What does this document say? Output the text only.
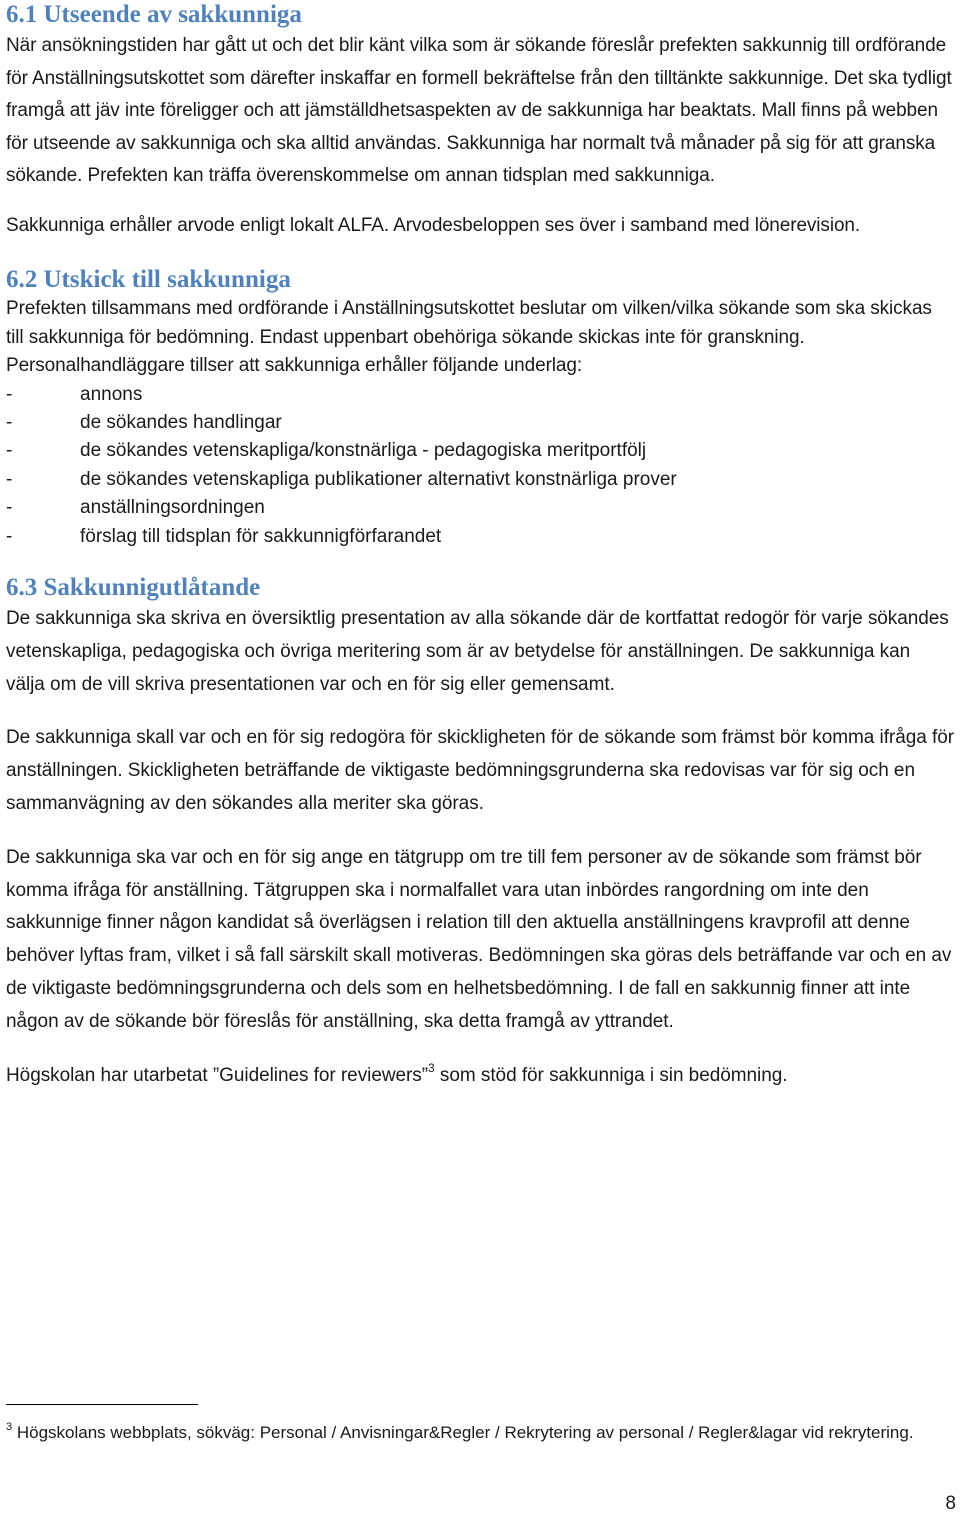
6.1 Utseende av sakkunniga

När ansökningstiden har gått ut och det blir känt vilka som är sökande föreslår prefekten sakkunnig till ordförande för Anställningsutskottet som därefter inskaffar en formell bekräftelse från den tilltänkte sakkunnige. Det ska tydligt framgå att jäv inte föreligger och att jämställdhetsaspekten av de sakkunniga har beaktats. Mall finns på webben för utseende av sakkunniga och ska alltid användas. Sakkunniga har normalt två månader på sig för att granska sökande. Prefekten kan träffa överenskommelse om annan tidsplan med sakkunniga.

Sakkunniga erhåller arvode enligt lokalt ALFA. Arvodesbeloppen ses över i samband med lönerevision.

6.2 Utskick till sakkunniga

Prefekten tillsammans med ordförande i Anställningsutskottet beslutar om vilken/vilka sökande som ska skickas till sakkunniga för bedömning. Endast uppenbart obehöriga sökande skickas inte för granskning.

Personalhandläggare tillser att sakkunniga erhåller följande underlag:

-	annons
-	de sökandes handlingar
-	de sökandes vetenskapliga/konstnärliga - pedagogiska meritportfölj
-	de sökandes vetenskapliga publikationer alternativt konstnärliga prover
-	anställningsordningen
-	förslag till tidsplan för sakkunnigförfarandet
6.3 Sakkunnigutlåtande

De sakkunniga ska skriva en översiktlig presentation av alla sökande där de kortfattat redogör för varje sökandes vetenskapliga, pedagogiska och övriga meritering som är av betydelse för anställningen. De sakkunniga kan välja om de vill skriva presentationen var och en för sig eller gemensamt.

De sakkunniga skall var och en för sig redogöra för skickligheten för de sökande som främst bör komma ifråga för anställningen. Skickligheten beträffande de viktigaste bedömningsgrunderna ska redovisas var för sig och en sammanvägning av den sökandes alla meriter ska göras.

De sakkunniga ska var och en för sig ange en tätgrupp om tre till fem personer av de sökande som främst bör komma ifråga för anställning. Tätgruppen ska i normalfallet vara utan inbördes rangordning om inte den sakkunnige finner någon kandidat så överlägsen i relation till den aktuella anställningens kravprofil att denne behöver lyftas fram, vilket i så fall särskilt skall motiveras. Bedömningen ska göras dels beträffande var och en av de viktigaste bedömningsgrunderna och dels som en helhetsbedömning. I de fall en sakkunnig finner att inte någon av de sökande bör föreslås för anställning, ska detta framgå av yttrandet.

Högskolan har utarbetat ”Guidelines for reviewers”$^3$ som stöd för sakkunniga i sin bedömning.

$^3$ Högskolans webbplats, sökväg: Personal / Anvisningar&Regler / Rekrytering av personal / Regler&lagar vid rekrytering.

8
